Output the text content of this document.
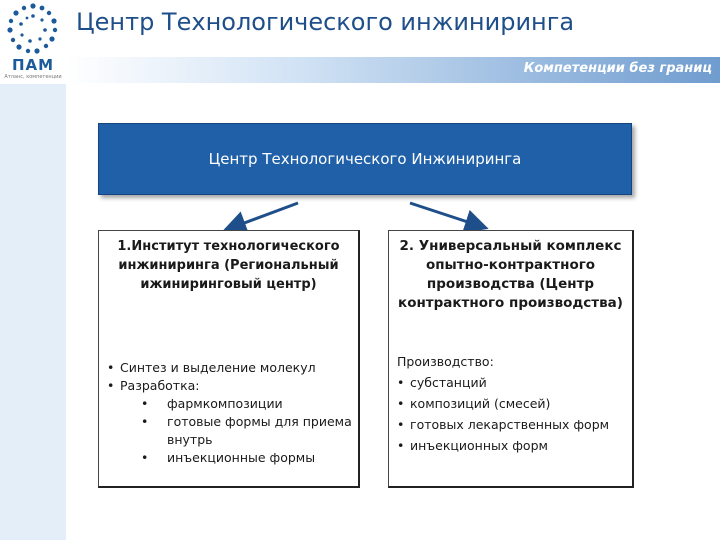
ПАМ
Атланс, компетенции
Центр Технологического инжиниринга
Компетенции без границ
Центр Технологического Инжиниринга
1.Институт технологического инжиниринга (Региональный ижиниринговый центр)
• Синтез и выделение молекул
• Разработка:
•	фармкомпозиции
•	готовые формы для приема внутрь
•	инъекционные формы
2. Универсальный комплекс опытно-контрактного производства (Центр контрактного производства)
Производство:
• субстанций
• композиций (смесей)
• готовых лекарственных форм
• инъекционных форм
